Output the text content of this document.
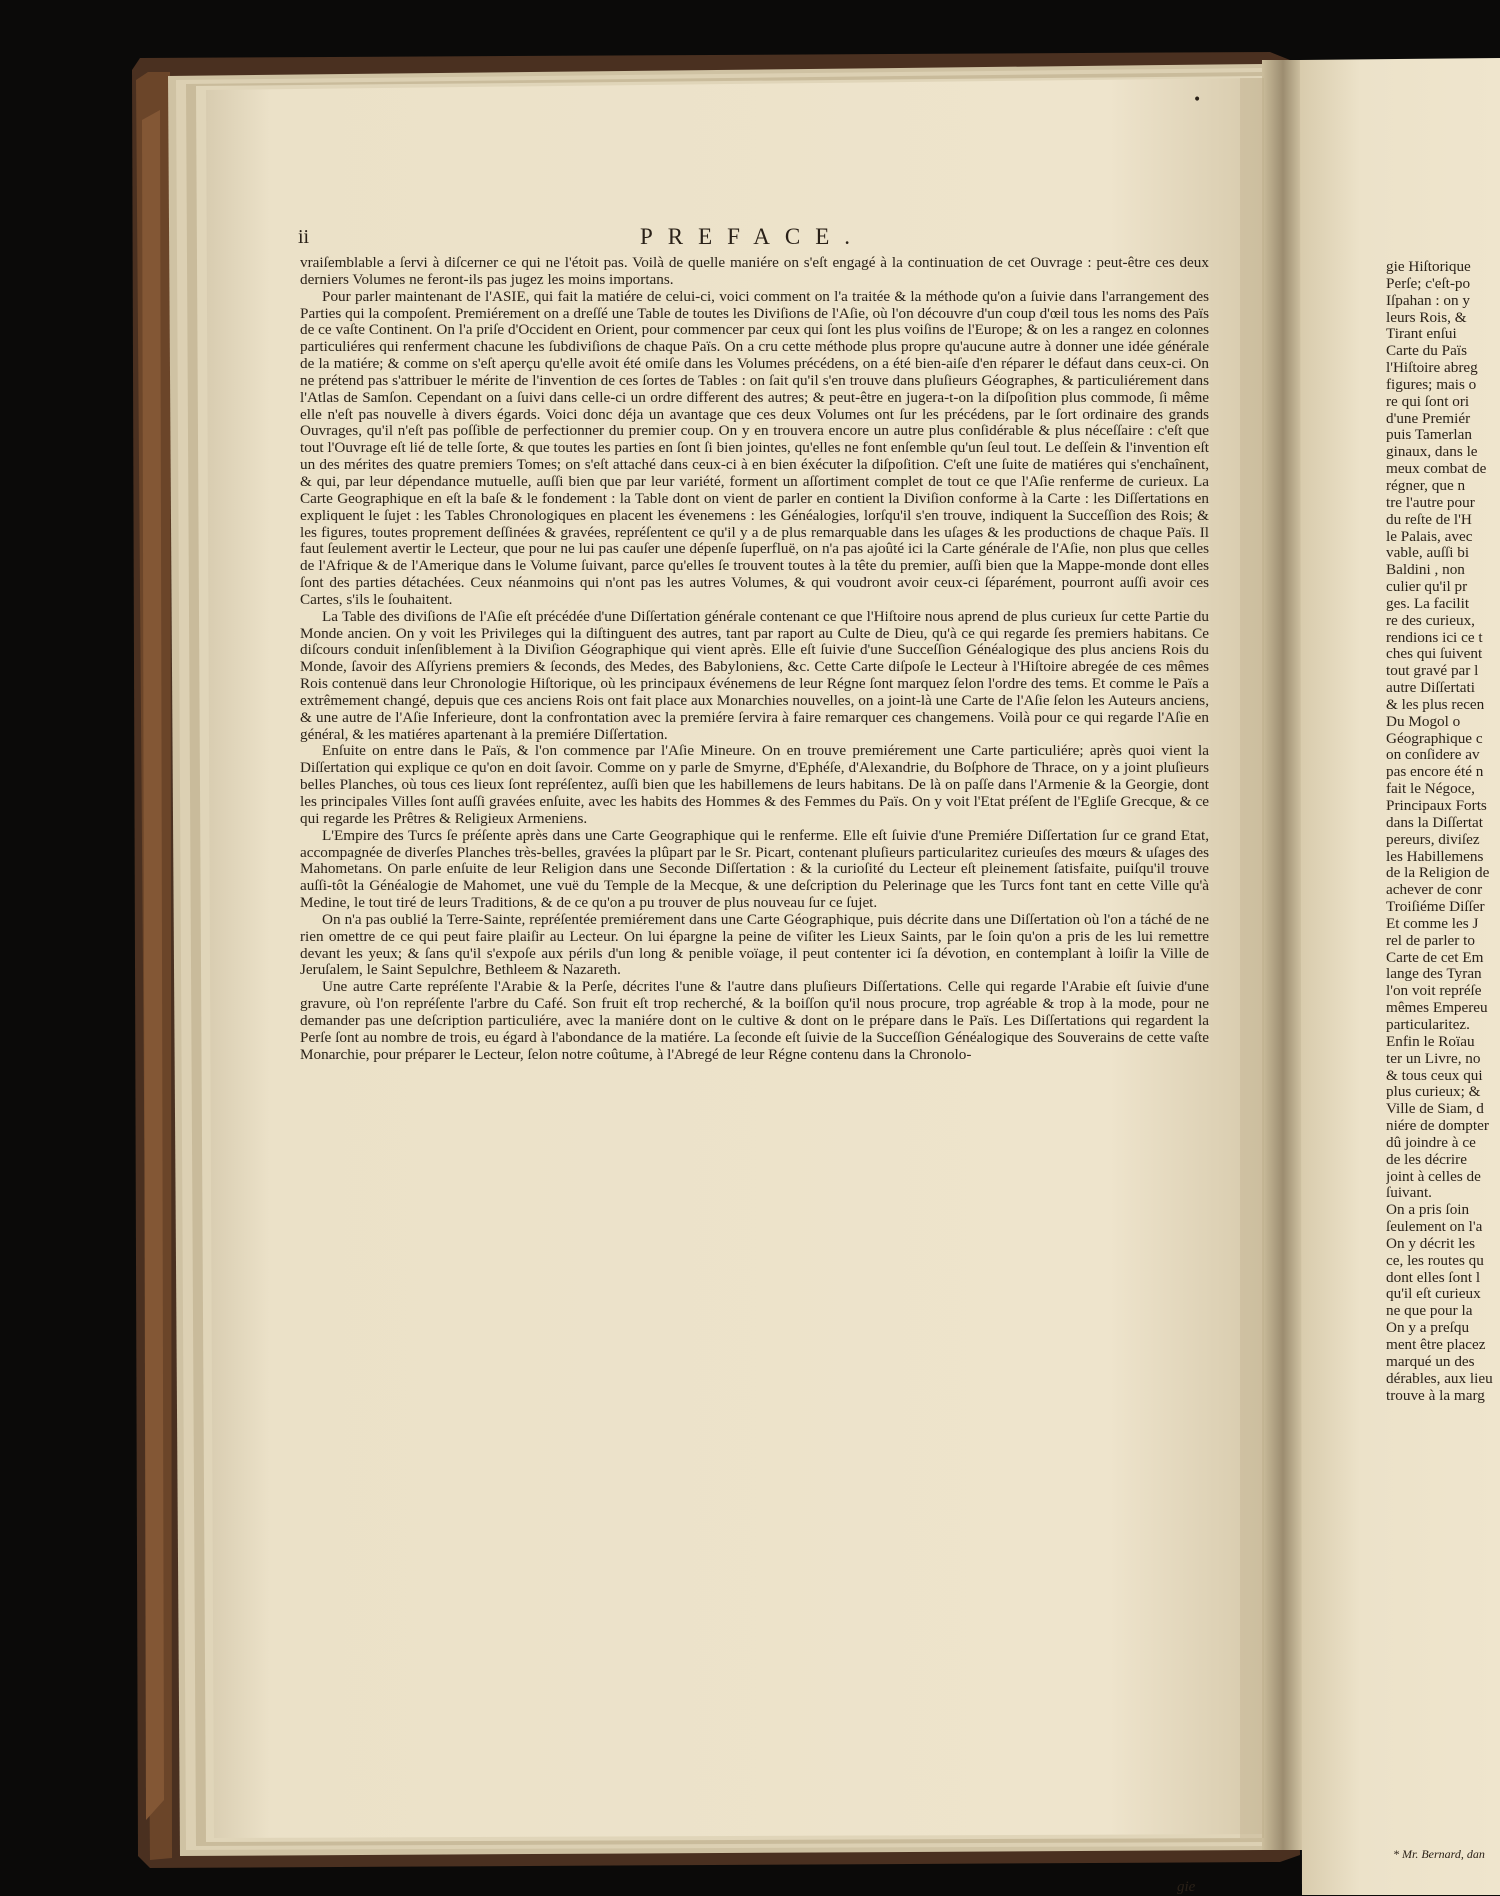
•
ii	PREFACE.

vraiſemblable a ſervi à diſcerner ce qui ne l'étoit pas. Voilà de quelle maniére on s'eſt engagé à la continuation de cet Ouvrage : peut-être ces deux derniers Volumes ne feront-ils pas jugez les moins importans.

Pour parler maintenant de l'ASIE, qui fait la matiére de celui-ci, voici comment on l'a traitée & la méthode qu'on a ſuivie dans l'arrangement des Parties qui la compoſent. Premiérement on a dreſſé une Table de toutes les Diviſions de l'Aſie, où l'on découvre d'un coup d'œil tous les noms des Païs de ce vaſte Continent. On l'a priſe d'Occident en Orient, pour commencer par ceux qui ſont les plus voiſins de l'Europe; & on les a rangez en colonnes particuliéres qui renferment chacune les ſubdiviſions de chaque Païs. On a cru cette méthode plus propre qu'aucune autre à donner une idée générale de la matiére; & comme on s'eſt aperçu qu'elle avoit été omiſe dans les Volumes précédens, on a été bien-aiſe d'en réparer le défaut dans ceux-ci. On ne prétend pas s'attribuer le mérite de l'invention de ces ſortes de Tables : on ſait qu'il s'en trouve dans pluſieurs Géographes, & particuliérement dans l'Atlas de Samſon. Cependant on a ſuivi dans celle-ci un ordre different des autres; & peut-être en jugera-t-on la diſpoſition plus commode, ſi même elle n'eſt pas nouvelle à divers égards. Voici donc déja un avantage que ces deux Volumes ont ſur les précédens, par le ſort ordinaire des grands Ouvrages, qu'il n'eſt pas poſſible de perfectionner du premier coup. On y en trouvera encore un autre plus conſidérable & plus néceſſaire : c'eſt que tout l'Ouvrage eſt lié de telle ſorte, & que toutes les parties en ſont ſi bien jointes, qu'elles ne font enſemble qu'un ſeul tout. Le deſſein & l'invention eſt un des mérites des quatre premiers Tomes; on s'eſt attaché dans ceux-ci à en bien éxécuter la diſpoſition. C'eſt une ſuite de matiéres qui s'enchaînent, & qui, par leur dépendance mutuelle, auſſi bien que par leur variété, forment un aſſortiment complet de tout ce que l'Aſie renferme de curieux. La Carte Geographique en eſt la baſe & le fondement : la Table dont on vient de parler en contient la Diviſion conforme à la Carte : les Diſſertations en expliquent le ſujet : les Tables Chronologiques en placent les évenemens : les Généalogies, lorſqu'il s'en trouve, indiquent la Succeſſion des Rois; & les figures, toutes proprement deſſinées & gravées, repréſentent ce qu'il y a de plus remarquable dans les uſages & les productions de chaque Païs. Il faut ſeulement avertir le Lecteur, que pour ne lui pas cauſer une dépenſe ſuperfluë, on n'a pas ajoûté ici la Carte générale de l'Aſie, non plus que celles de l'Afrique & de l'Amerique dans le Volume ſuivant, parce qu'elles ſe trouvent toutes à la tête du premier, auſſi bien que la Mappe-monde dont elles ſont des parties détachées. Ceux néanmoins qui n'ont pas les autres Volumes, & qui voudront avoir ceux-ci ſéparément, pourront auſſi avoir ces Cartes, s'ils le ſouhaitent.

La Table des diviſions de l'Aſie eſt précédée d'une Diſſertation générale contenant ce que l'Hiſtoire nous aprend de plus curieux ſur cette Partie du Monde ancien. On y voit les Privileges qui la diſtinguent des autres, tant par raport au Culte de Dieu, qu'à ce qui regarde ſes premiers habitans. Ce diſcours conduit inſenſiblement à la Diviſion Géographique qui vient après. Elle eſt ſuivie d'une Succeſſion Généalogique des plus anciens Rois du Monde, ſavoir des Aſſyriens premiers & ſeconds, des Medes, des Babyloniens, &c. Cette Carte diſpoſe le Lecteur à l'Hiſtoire abregée de ces mêmes Rois contenuë dans leur Chronologie Hiſtorique, où les principaux événemens de leur Régne ſont marquez ſelon l'ordre des tems. Et comme le Païs a extrêmement changé, depuis que ces anciens Rois ont fait place aux Monarchies nouvelles, on a joint-là une Carte de l'Aſie ſelon les Auteurs anciens, & une autre de l'Aſie Inferieure, dont la confrontation avec la premiére ſervira à faire remarquer ces changemens. Voilà pour ce qui regarde l'Aſie en général, & les matiéres apartenant à la premiére Diſſertation.

Enſuite on entre dans le Païs, & l'on commence par l'Aſie Mineure. On en trouve premiérement une Carte particuliére; après quoi vient la Diſſertation qui explique ce qu'on en doit ſavoir. Comme on y parle de Smyrne, d'Ephéſe, d'Alexandrie, du Boſphore de Thrace, on y a joint pluſieurs belles Planches, où tous ces lieux ſont repréſentez, auſſi bien que les habillemens de leurs habitans. De là on paſſe dans l'Armenie & la Georgie, dont les principales Villes ſont auſſi gravées enſuite, avec les habits des Hommes & des Femmes du Païs. On y voit l'Etat préſent de l'Egliſe Grecque, & ce qui regarde les Prêtres & Religieux Armeniens.

L'Empire des Turcs ſe préſente après dans une Carte Geographique qui le renferme. Elle eſt ſuivie d'une Premiére Diſſertation ſur ce grand Etat, accompagnée de diverſes Planches très-belles, gravées la plûpart par le Sr. Picart, contenant pluſieurs particularitez curieuſes des mœurs & uſages des Mahometans. On parle enſuite de leur Religion dans une Seconde Diſſertation : & la curioſité du Lecteur eſt pleinement ſatisfaite, puiſqu'il trouve auſſi-tôt la Généalogie de Mahomet, une vuë du Temple de la Mecque, & une deſcription du Pelerinage que les Turcs font tant en cette Ville qu'à Medine, le tout tiré de leurs Traditions, & de ce qu'on a pu trouver de plus nouveau ſur ce ſujet.

On n'a pas oublié la Terre-Sainte, repréſentée premiérement dans une Carte Géographique, puis décrite dans une Diſſertation où l'on a táché de ne rien omettre de ce qui peut faire plaiſir au Lecteur. On lui épargne la peine de viſiter les Lieux Saints, par le ſoin qu'on a pris de les lui remettre devant les yeux; & ſans qu'il s'expoſe aux périls d'un long & penible voïage, il peut contenter ici ſa dévotion, en contemplant à loiſir la Ville de Jeruſalem, le Saint Sepulchre, Bethleem & Nazareth.

Une autre Carte repréſente l'Arabie & la Perſe, décrites l'une & l'autre dans pluſieurs Diſſertations. Celle qui regarde l'Arabie eſt ſuivie d'une gravure, où l'on repréſente l'arbre du Café. Son fruit eſt trop recherché, & la boiſſon qu'il nous procure, trop agréable & trop à la mode, pour ne demander pas une deſcription particuliére, avec la maniére dont on le cultive & dont on le prépare dans le Païs. Les Diſſertations qui regardent la Perſe ſont au nombre de trois, eu égard à l'abondance de la matiére. La ſeconde eſt ſuivie de la Succeſſion Généalogique des Souverains de cette vaſte Monarchie, pour préparer le Lecteur, ſelon notre coûtume, à l'Abregé de leur Régne contenu dans la Chronolo-

gie
gie Hiſtorique
Perſe; c'eſt-po
Iſpahan : on y
leurs Rois, &
Tirant enſui
Carte du Païs
l'Hiſtoire abreg
figures; mais o
re qui ſont ori
d'une Premiér
puis Tamerlan
ginaux, dans le
meux combat de
régner, que n
tre l'autre pour
du reſte de l'H
le Palais, avec
vable, auſſi bi
Baldini , non
culier qu'il pr
ges. La facilit
re des curieux,
rendions ici ce t
ches qui ſuivent
tout gravé par l
autre Diſſertati
& les plus recen
Du Mogol o
Géographique c
on conſidere av
pas encore été n
fait le Négoce,
Principaux Forts
dans la Diſſertat
pereurs, diviſez
les Habillemens
de la Religion de
achever de conr
Troiſiéme Diſſer
Et comme les J
rel de parler to
Carte de cet Em
lange des Tyran
l'on voit repréſe
mêmes Empereu
particularitez.
Enfin le Roïau
ter un Livre, no
& tous ceux qui
plus curieux; &
Ville de Siam, d
niére de dompter
dû joindre à ce
de les décrire
joint à celles de
ſuivant.
On a pris ſoin
ſeulement on l'a
On y décrit les
ce, les routes qu
dont elles ſont l
qu'il eſt curieux
ne que pour la
On y a preſqu
ment être placez
marqué un des
dérables, aux lieu
trouve à la marg
* Mr. Bernard, dan
